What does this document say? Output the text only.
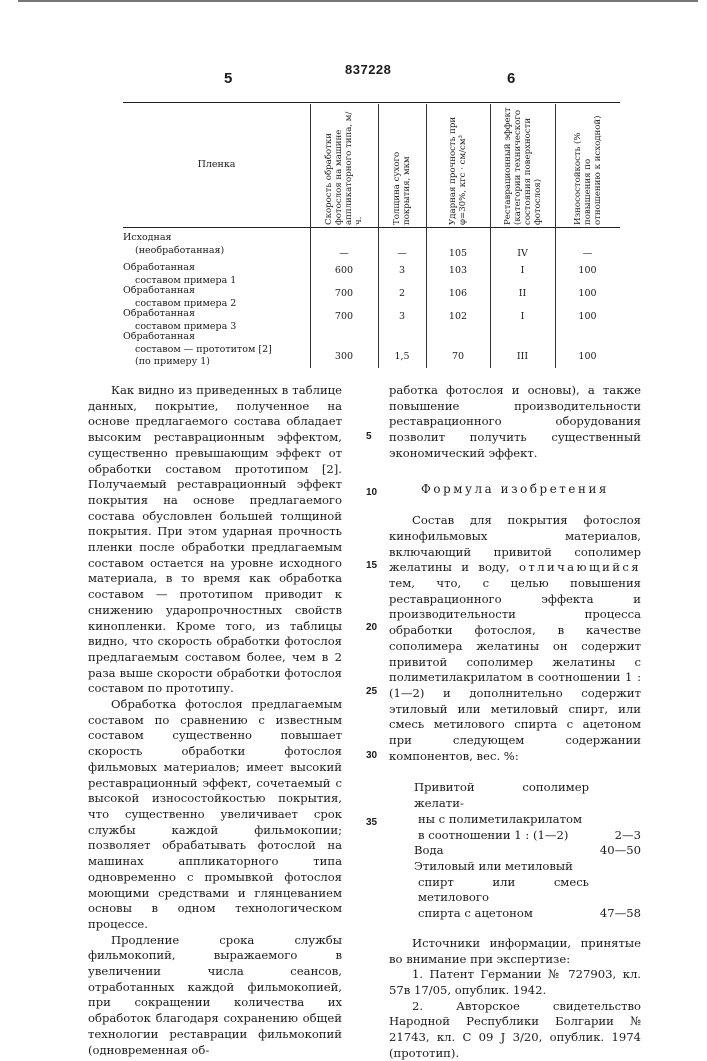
837228
5	6
Пленка	Скорость обработки фотослоя на машине аппликаторного типа, м/ч.	Толщина сухого покрытия, мкм	Ударная прочность при φ=30%, кгс · см/см³	Реставрационный эффект (категории технического состояния поверхности фотослоя)	Износостойкость (% повышения по отношению к исходной)
Исходная
(необработанная)	—	—	105	IV	—
Обработанная
составом примера 1
600	3	103	I	100
Обработанная
составом примера 2
700	2	106	II	100
Обработанная
составом примера 3
700	3	102	I	100
Обработанная
составом — прототитом [2]
(по примеру 1)	300	1,5	70	III	100

Как видно из приведенных в таблице данных, покрытие, полученное на основе предлагаемого состава обладает высоким реставрационным эффектом, существенно превышающим эффект от обработки составом прототипом [2]. Получаемый реставрационный эффект покрытия на основе предлагаемого состава обусловлен большей толщиной покрытия. При этом ударная прочность пленки после обработки предлагаемым составом остается на уровне исходного материала, в то время как обработка составом — прототипом приводит к снижению ударопрочностных свойств кинопленки. Кроме того, из таблицы видно, что скорость обработки фотослоя предлагаемым составом более, чем в 2 раза выше скорости обработки фотослоя составом по прототипу.

Обработка фотослоя предлагаемым составом по сравнению с известным составом существенно повышает скорость обработки фотослоя фильмовых материалов; имеет высокий реставрационный эффект, сочетаемый с высокой износостойкостью покрытия, что существенно увеличивает срок службы каждой фильмокопии; позволяет обрабатывать фотослой на машинах аппликаторного типа одновременно с промывкой фотослоя моющими средствами и глянцеванием основы в одном технологическом процессе.

Продление срока службы фильмокопий, выражаемого в увеличении числа сеансов, отработанных каждой фильмокопией, при сокращении количества их обработок благодаря сохранению общей технологии реставрации фильмокопий (одновременная об-

работка фотослоя и основы), а также повышение производительности реставрационного оборудования позволит получить существенный экономический эффект.

Формула изобретения

Состав для покрытия фотослоя кинофильмовых материалов, включающий привитой сополимер желатины и воду, отличающийся тем, что, с целью повышения реставрационного эффекта и производительности процесса обработки фотослоя, в качестве сополимера желатины он содержит привитой сополимер желатины с полиметилакрилатом в соотношении 1 : (1—2) и дополнительно содержит этиловый или метиловый спирт, или смесь метилового спирта с ацетоном при следующем содержании компонентов, вес. %:

Привитой сополимер желати-
ны с полиметилакрилатом
в соотношении 1 : (1—2)	2—3
Вода	40—50
Этиловый или метиловый
спирт или смесь метилового
спирта с ацетоном	47—58

Источники информации, принятые во внимание при экспертизе:

1. Патент Германии № 727903, кл. 57в 17/05, опублик. 1942.

2. Авторское свидетельство Народной Республики Болгарии № 21743, кл. С 09 J 3/20, опублик. 1974 (прототип).

5
10
15
20
25
30
35
